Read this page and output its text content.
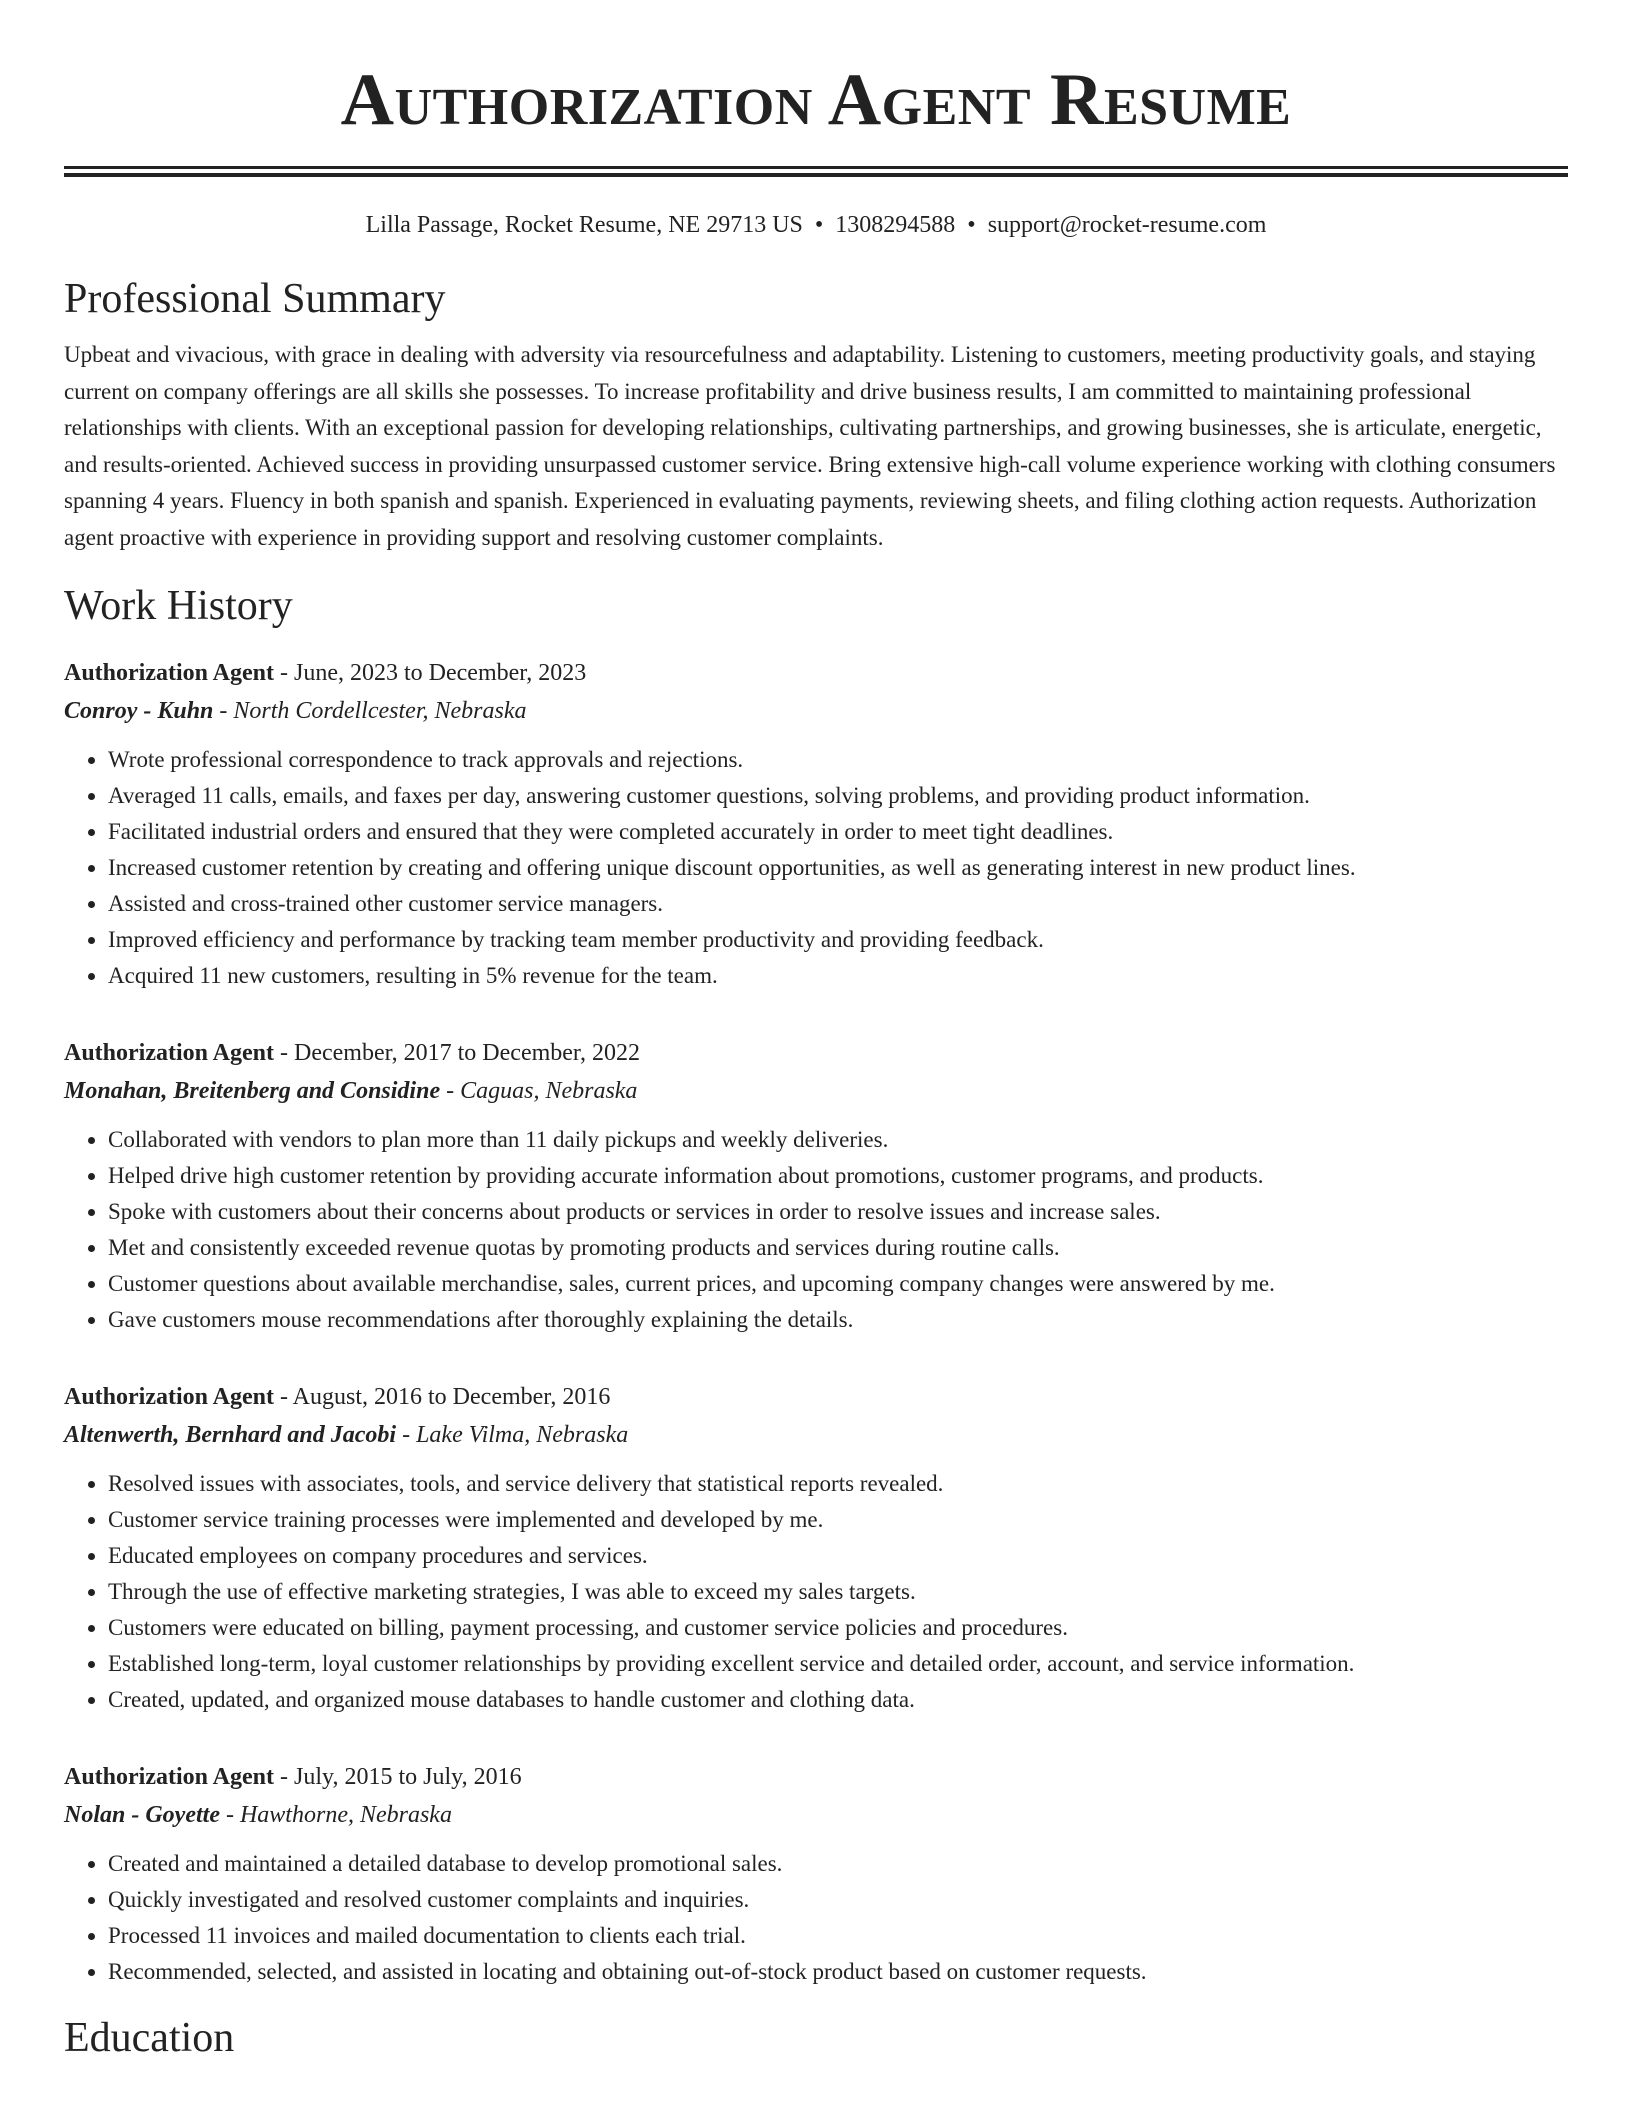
Authorization Agent Resume
Lilla Passage, Rocket Resume, NE 29713 US • 1308294588 • support@rocket-resume.com
Professional Summary

Upbeat and vivacious, with grace in dealing with adversity via resourcefulness and adaptability. Listening to customers, meeting productivity goals, and staying current on company offerings are all skills she possesses. To increase profitability and drive business results, I am committed to maintaining professional relationships with clients. With an exceptional passion for developing relationships, cultivating partnerships, and growing businesses, she is articulate, energetic, and results-oriented. Achieved success in providing unsurpassed customer service. Bring extensive high-call volume experience working with clothing consumers spanning 4 years. Fluency in both spanish and spanish. Experienced in evaluating payments, reviewing sheets, and filing clothing action requests. Authorization agent proactive with experience in providing support and resolving customer complaints.

Work History
Authorization Agent - June, 2023 to December, 2023
Conroy - Kuhn - North Cordellcester, Nebraska
• Wrote professional correspondence to track approvals and rejections.
• Averaged 11 calls, emails, and faxes per day, answering customer questions, solving problems, and providing product information.
• Facilitated industrial orders and ensured that they were completed accurately in order to meet tight deadlines.
• Increased customer retention by creating and offering unique discount opportunities, as well as generating interest in new product lines.
• Assisted and cross-trained other customer service managers.
• Improved efficiency and performance by tracking team member productivity and providing feedback.
• Acquired 11 new customers, resulting in 5% revenue for the team.
Authorization Agent - December, 2017 to December, 2022
Monahan, Breitenberg and Considine - Caguas, Nebraska
• Collaborated with vendors to plan more than 11 daily pickups and weekly deliveries.
• Helped drive high customer retention by providing accurate information about promotions, customer programs, and products.
• Spoke with customers about their concerns about products or services in order to resolve issues and increase sales.
• Met and consistently exceeded revenue quotas by promoting products and services during routine calls.
• Customer questions about available merchandise, sales, current prices, and upcoming company changes were answered by me.
• Gave customers mouse recommendations after thoroughly explaining the details.
Authorization Agent - August, 2016 to December, 2016
Altenwerth, Bernhard and Jacobi - Lake Vilma, Nebraska
• Resolved issues with associates, tools, and service delivery that statistical reports revealed.
• Customer service training processes were implemented and developed by me.
• Educated employees on company procedures and services.
• Through the use of effective marketing strategies, I was able to exceed my sales targets.
• Customers were educated on billing, payment processing, and customer service policies and procedures.
• Established long-term, loyal customer relationships by providing excellent service and detailed order, account, and service information.
• Created, updated, and organized mouse databases to handle customer and clothing data.
Authorization Agent - July, 2015 to July, 2016
Nolan - Goyette - Hawthorne, Nebraska
• Created and maintained a detailed database to develop promotional sales.
• Quickly investigated and resolved customer complaints and inquiries.
• Processed 11 invoices and mailed documentation to clients each trial.
• Recommended, selected, and assisted in locating and obtaining out-of-stock product based on customer requests.
Education
